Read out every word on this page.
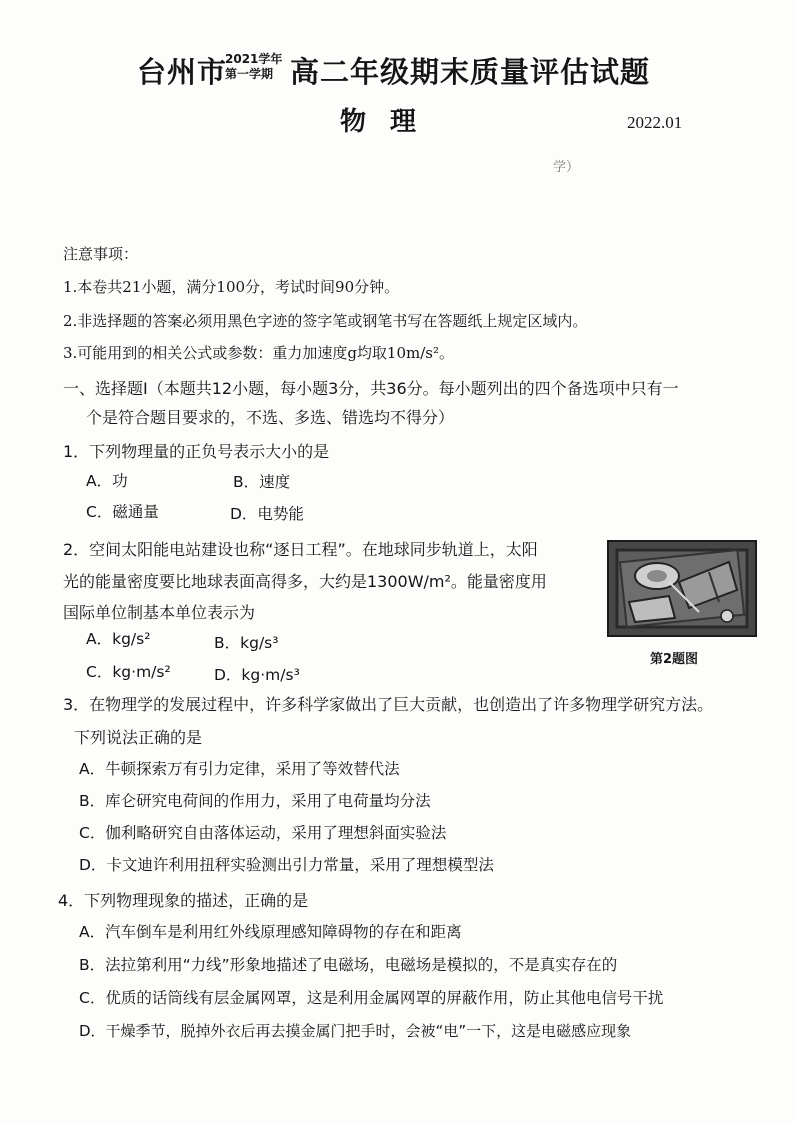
台州市
2021学年
第一学期 高二年级期末质量评估试题
物理	2022.01
学）
注意事项：
1.本卷共21小题，满分100分，考试时间90分钟。
2.非选择题的答案必须用黑色字迹的签字笔或钢笔书写在答题纸上规定区域内。
3.可能用到的相关公式或参数：重力加速度g均取10m/s²。
一、选择题Ⅰ（本题共12小题，每小题3分，共36分。每小题列出的四个备选项中只有一
个是符合题目要求的，不选、多选、错选均不得分）
1．下列物理量的正负号表示大小的是
A．功	B．速度
C．磁通量	D．电势能
2．空间太阳能电站建设也称“逐日工程”。在地球同步轨道上，太阳
光的能量密度要比地球表面高得多，大约是1300W/m²。能量密度用
国际单位制基本单位表示为
A．kg/s²	B．kg/s³
C．kg·m/s²	D．kg·m/s³
第2题图
3．在物理学的发展过程中，许多科学家做出了巨大贡献，也创造出了许多物理学研究方法。
下列说法正确的是
A．牛顿探索万有引力定律，采用了等效替代法
B．库仑研究电荷间的作用力，采用了电荷量均分法
C．伽利略研究自由落体运动，采用了理想斜面实验法
D．卡文迪许利用扭秤实验测出引力常量，采用了理想模型法
4．下列物理现象的描述，正确的是
A．汽车倒车是利用红外线原理感知障碍物的存在和距离
B．法拉第利用“力线”形象地描述了电磁场，电磁场是模拟的，不是真实存在的
C．优质的话筒线有层金属网罩，这是利用金属网罩的屏蔽作用，防止其他电信号干扰
D．干燥季节，脱掉外衣后再去摸金属门把手时，会被“电”一下，这是电磁感应现象
